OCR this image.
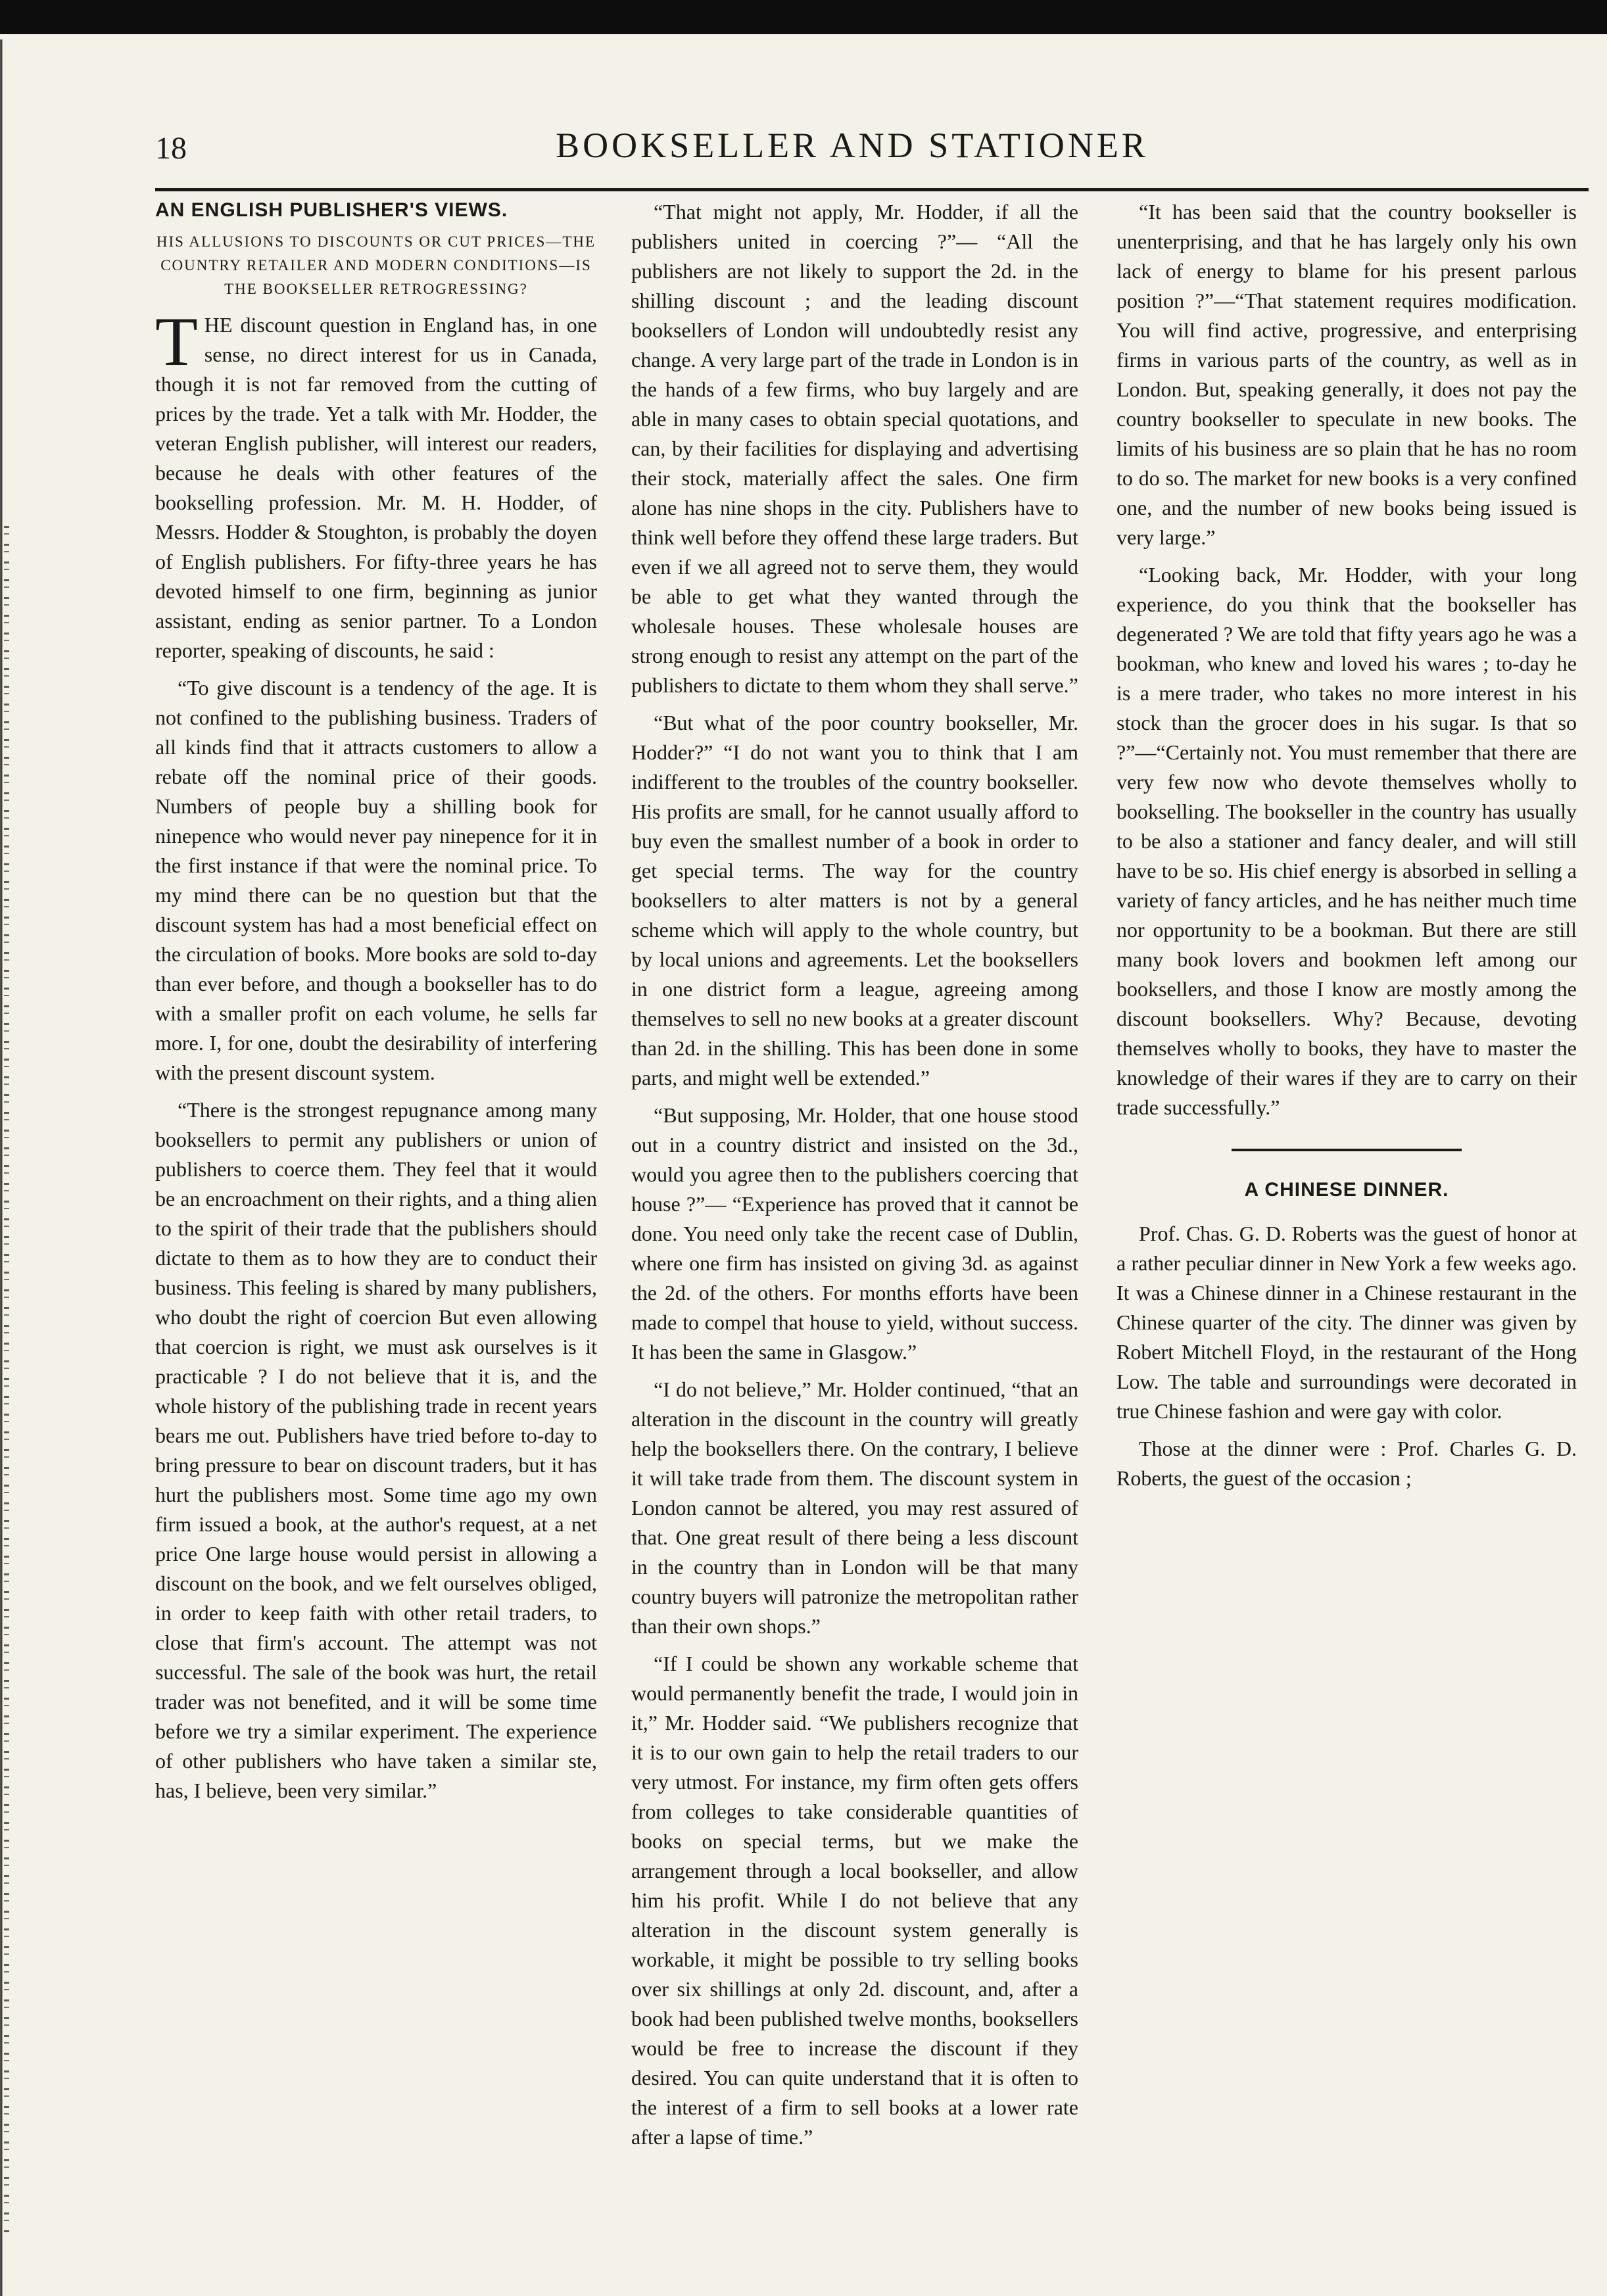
18	BOOKSELLER AND STATIONER
AN ENGLISH PUBLISHER'S VIEWS.
HIS ALLUSIONS TO DISCOUNTS OR CUT PRICES—THE COUNTRY RETAILER AND MODERN CONDITIONS—IS THE BOOKSELLER RETROGRESSING?

THE discount question in England has, in one sense, no direct interest for us in Canada, though it is not far removed from the cutting of prices by the trade. Yet a talk with Mr. Hodder, the veteran English publisher, will interest our readers, because he deals with other features of the bookselling profession. Mr. M. H. Hodder, of Messrs. Hodder & Stoughton, is probably the doyen of English publishers. For fifty-three years he has devoted himself to one firm, beginning as junior assistant, ending as senior partner. To a London reporter, speaking of discounts, he said :

“To give discount is a tendency of the age. It is not confined to the publishing business. Traders of all kinds find that it attracts customers to allow a rebate off the nominal price of their goods. Numbers of people buy a shilling book for ninepence who would never pay ninepence for it in the first instance if that were the nominal price. To my mind there can be no question but that the discount system has had a most beneficial effect on the circulation of books. More books are sold to-day than ever before, and though a bookseller has to do with a smaller profit on each volume, he sells far more. I, for one, doubt the desirability of interfering with the present discount system.

“There is the strongest repugnance among many booksellers to permit any publishers or union of publishers to coerce them. They feel that it would be an encroachment on their rights, and a thing alien to the spirit of their trade that the publishers should dictate to them as to how they are to conduct their business. This feeling is shared by many publishers, who doubt the right of coercion But even allowing that coercion is right, we must ask ourselves is it practicable ? I do not believe that it is, and the whole history of the publishing trade in recent years bears me out. Publishers have tried before to-day to bring pressure to bear on discount traders, but it has hurt the publishers most. Some time ago my own firm issued a book, at the author's request, at a net price One large house would persist in allowing a discount on the book, and we felt ourselves obliged, in order to keep faith with other retail traders, to close that firm's account. The attempt was not successful. The sale of the book was hurt, the retail trader was not benefited, and it will be some time before we try a similar experiment. The experience of other publishers who have taken a similar ste, has, I believe, been very similar.”

“That might not apply, Mr. Hodder, if all the publishers united in coercing ?”— “All the publishers are not likely to support the 2d. in the shilling discount ; and the leading discount booksellers of London will undoubtedly resist any change. A very large part of the trade in London is in the hands of a few firms, who buy largely and are able in many cases to obtain special quotations, and can, by their facilities for displaying and advertising their stock, materially affect the sales. One firm alone has nine shops in the city. Publishers have to think well before they offend these large traders. But even if we all agreed not to serve them, they would be able to get what they wanted through the wholesale houses. These wholesale houses are strong enough to resist any attempt on the part of the publishers to dictate to them whom they shall serve.”

“But what of the poor country bookseller, Mr. Hodder?” “I do not want you to think that I am indifferent to the troubles of the country bookseller. His profits are small, for he cannot usually afford to buy even the smallest number of a book in order to get special terms. The way for the country booksellers to alter matters is not by a general scheme which will apply to the whole country, but by local unions and agreements. Let the booksellers in one district form a league, agreeing among themselves to sell no new books at a greater discount than 2d. in the shilling. This has been done in some parts, and might well be extended.”

“But supposing, Mr. Holder, that one house stood out in a country district and insisted on the 3d., would you agree then to the publishers coercing that house ?”— “Experience has proved that it cannot be done. You need only take the recent case of Dublin, where one firm has insisted on giving 3d. as against the 2d. of the others. For months efforts have been made to compel that house to yield, without success. It has been the same in Glasgow.”

“I do not believe,” Mr. Holder continued, “that an alteration in the discount in the country will greatly help the booksellers there. On the contrary, I believe it will take trade from them. The discount system in London cannot be altered, you may rest assured of that. One great result of there being a less discount in the country than in London will be that many country buyers will patronize the metropolitan rather than their own shops.”

“If I could be shown any workable scheme that would permanently benefit the trade, I would join in it,” Mr. Hodder said. “We publishers recognize that it is to our own gain to help the retail traders to our very utmost. For instance, my firm often gets offers from colleges to take considerable quantities of books on special terms, but we make the arrangement through a local bookseller, and allow him his profit. While I do not believe that any alteration in the discount system generally is workable, it might be possible to try selling books over six shillings at only 2d. discount, and, after a book had been published twelve months, booksellers would be free to increase the discount if they desired. You can quite understand that it is often to the interest of a firm to sell books at a lower rate after a lapse of time.”

“It has been said that the country bookseller is unenterprising, and that he has largely only his own lack of energy to blame for his present parlous position ?”—“That statement requires modification. You will find active, progressive, and enterprising firms in various parts of the country, as well as in London. But, speaking generally, it does not pay the country bookseller to speculate in new books. The limits of his business are so plain that he has no room to do so. The market for new books is a very confined one, and the number of new books being issued is very large.”

“Looking back, Mr. Hodder, with your long experience, do you think that the bookseller has degenerated ? We are told that fifty years ago he was a bookman, who knew and loved his wares ; to-day he is a mere trader, who takes no more interest in his stock than the grocer does in his sugar. Is that so ?”—“Certainly not. You must remember that there are very few now who devote themselves wholly to bookselling. The bookseller in the country has usually to be also a stationer and fancy dealer, and will still have to be so. His chief energy is absorbed in selling a variety of fancy articles, and he has neither much time nor opportunity to be a bookman. But there are still many book lovers and bookmen left among our booksellers, and those I know are mostly among the discount booksellers. Why? Because, devoting themselves wholly to books, they have to master the knowledge of their wares if they are to carry on their trade successfully.”

A CHINESE DINNER.

Prof. Chas. G. D. Roberts was the guest of honor at a rather peculiar dinner in New York a few weeks ago. It was a Chinese dinner in a Chinese restaurant in the Chinese quarter of the city. The dinner was given by Robert Mitchell Floyd, in the restaurant of the Hong Low. The table and surroundings were decorated in true Chinese fashion and were gay with color.

Those at the dinner were : Prof. Charles G. D. Roberts, the guest of the occasion ;
